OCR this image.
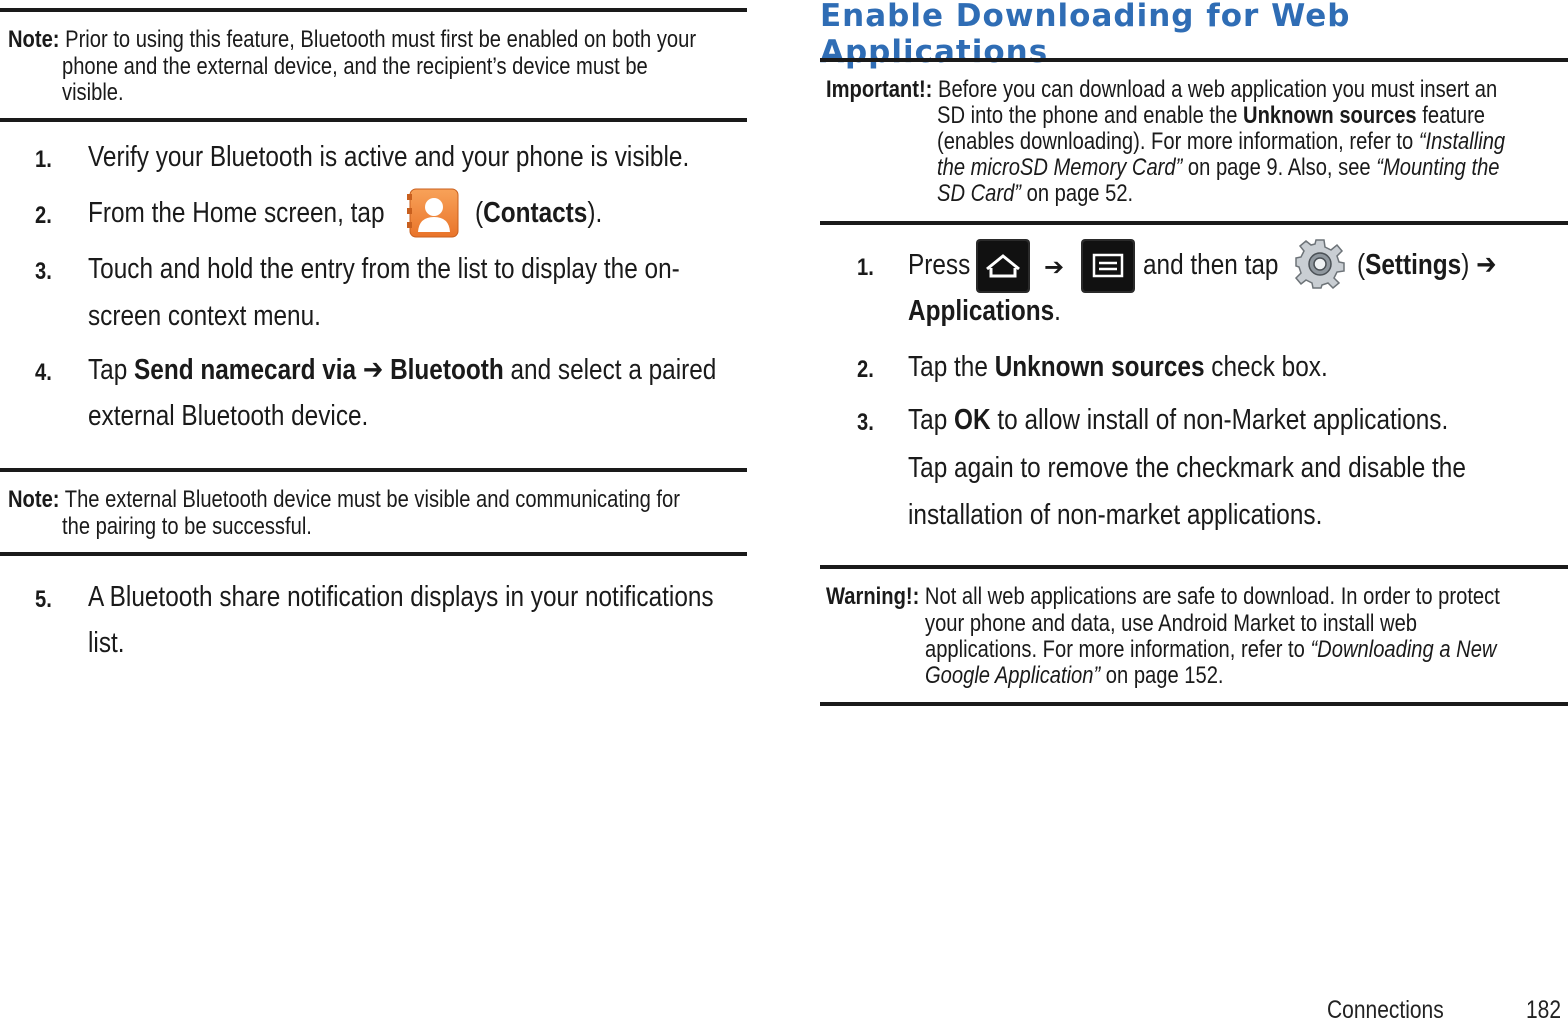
Note: Prior to using this feature, Bluetooth must first be enabled on both your
phone and the external device, and the recipient’s device must be
visible.
1. Verify your Bluetooth is active and your phone is visible.
2. From the Home screen, tap	(Contacts).
3. Touch and hold the entry from the list to display the on-
screen context menu.
4. Tap Send namecard via ➔ Bluetooth and select a paired
external Bluetooth device.
Note: The external Bluetooth device must be visible and communicating for
the pairing to be successful.
5. A Bluetooth share notification displays in your notifications
list.
Enable Downloading for Web Applications
Important!: Before you can download a web application you must insert an
SD into the phone and enable the Unknown sources feature
(enables downloading). For more information, refer to “Installing
the microSD Memory Card” on page 9. Also, see “Mounting the
SD Card” on page 52.
1. Press	➔	and then tap	(Settings) ➔
Applications.
2. Tap the Unknown sources check box.
3. Tap OK to allow install of non-Market applications.
Tap again to remove the checkmark and disable the
installation of non-market applications.
Warning!: Not all web applications are safe to download. In order to protect
your phone and data, use Android Market to install web
applications. For more information, refer to “Downloading a New
Google Application” on page 152.
Connections	182
